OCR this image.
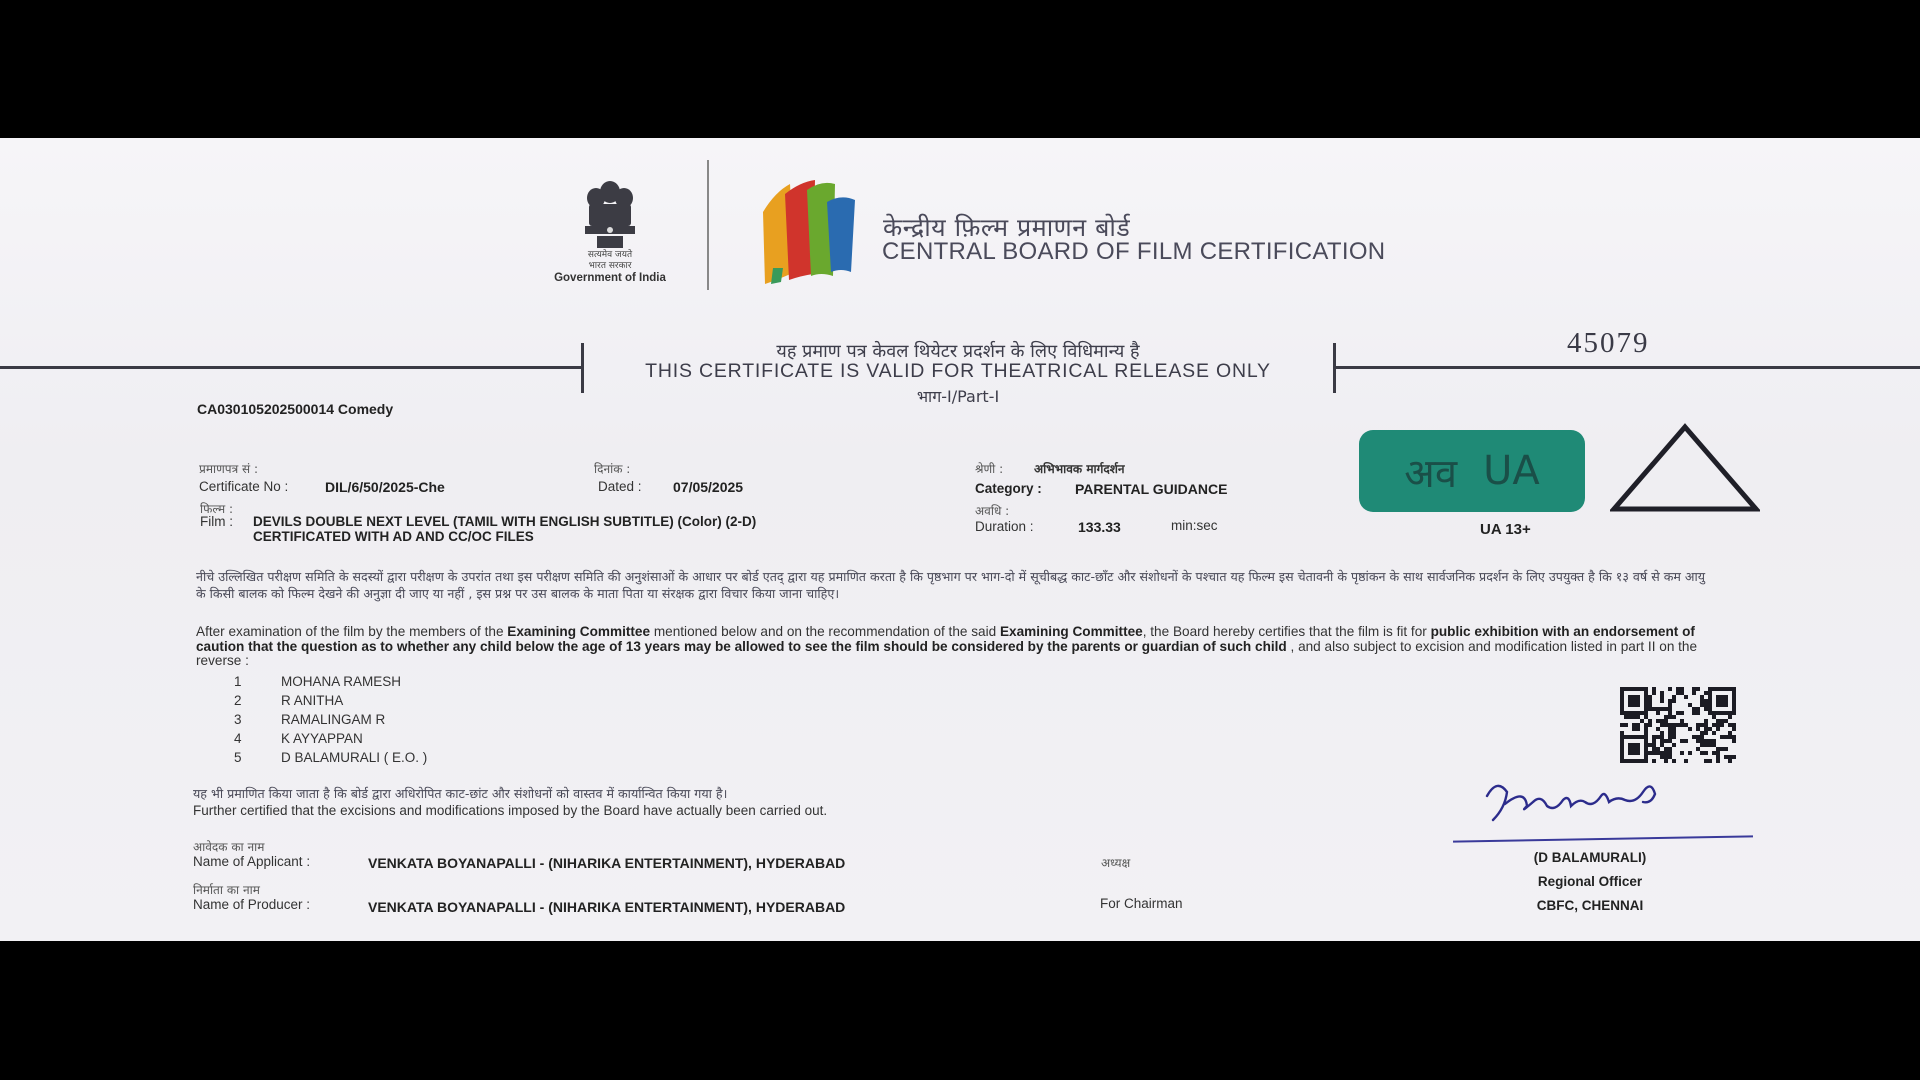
सत्यमेव जयते
भारत सरकार
Government of India
केन्द्रीय फ़िल्म प्रमाणन बोर्ड
CENTRAL BOARD OF FILM CERTIFICATION
यह प्रमाण पत्र केवल थियेटर प्रदर्शन के लिए विधिमान्य है
THIS CERTIFICATE IS VALID FOR THEATRICAL RELEASE ONLY
भाग-I/Part-I
45079
CA030105202500014 Comedy
प्रमाणपत्र सं :
Certificate No :	DIL/6/50/2025-Che
दिनांक :
Dated : 07/05/2025
श्रेणी :	अभिभावक मार्गदर्शन
Category : PARENTAL GUIDANCE
फिल्म :
Film : DEVILS DOUBLE NEXT LEVEL (TAMIL WITH ENGLISH SUBTITLE) (Color) (2-D)
CERTIFICATED WITH AD AND CC/OC FILES
अवधि :
Duration :	133.33	min:sec
अव UA
UA 13+
नीचे उल्लिखित परीक्षण समिति के सदस्यों द्वारा परीक्षण के उपरांत तथा इस परीक्षण समिति की अनुशंसाओं के आधार पर बोर्ड एतद् द्वारा यह प्रमाणित करता है कि पृष्ठभाग पर भाग-दो में सूचीबद्ध काट-छाँट और संशोधनों के पश्चात यह फिल्म इस चेतावनी के पृष्ठांकन के साथ सार्वजनिक प्रदर्शन के लिए उपयुक्त है कि १३ वर्ष से कम आयु के किसी बालक को फिल्म देखने की अनुज्ञा दी जाए या नहीं , इस प्रश्न पर उस बालक के माता पिता या संरक्षक द्वारा विचार किया जाना चाहिए।
After examination of the film by the members of the Examining Committee mentioned below and on the recommendation of the said Examining Committee, the Board hereby certifies that the film is fit for public exhibition with an endorsement of caution that the question as to whether any child below the age of 13 years may be allowed to see the film should be considered by the parents or guardian of such child , and also subject to excision and modification listed in part II on the reverse :
1	MOHANA RAMESH
2	R ANITHA
3	RAMALINGAM R
4	K AYYAPPAN
5	D BALAMURALI ( E.O. )
यह भी प्रमाणित किया जाता है कि बोर्ड द्वारा अधिरोपित काट-छांट और संशोधनों को वास्तव में कार्यान्वित किया गया है।
Further certified that the excisions and modifications imposed by the Board have actually been carried out.
(D BALAMURALI)
Regional Officer
CBFC, CHENNAI
आवेदक का नाम
Name of Applicant :	VENKATA BOYANAPALLI - (NIHARIKA ENTERTAINMENT), HYDERABAD
निर्माता का नाम
Name of Producer :	VENKATA BOYANAPALLI - (NIHARIKA ENTERTAINMENT), HYDERABAD
अध्यक्ष
For Chairman
